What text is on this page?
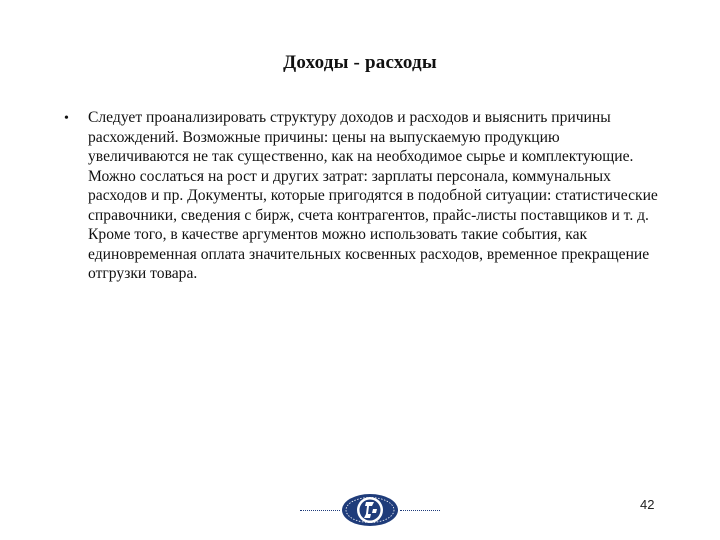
Доходы - расходы
• Следует проанализировать структуру доходов и расходов и выяснить причины расхождений. Возможные причины: цены на выпускаемую продукцию увеличиваются не так существенно, как на необходимое сырье и комплектующие. Можно сослаться на рост и других затрат: зарплаты персонала, коммунальных расходов и пр. Документы, которые пригодятся в подобной ситуации: статистические справочники, сведения с бирж, счета контрагентов, прайс-листы поставщиков и т. д. Кроме того, в качестве аргументов можно использовать такие события, как единовременная оплата значительных косвенных расходов, временное прекращение отгрузки товара.
42
